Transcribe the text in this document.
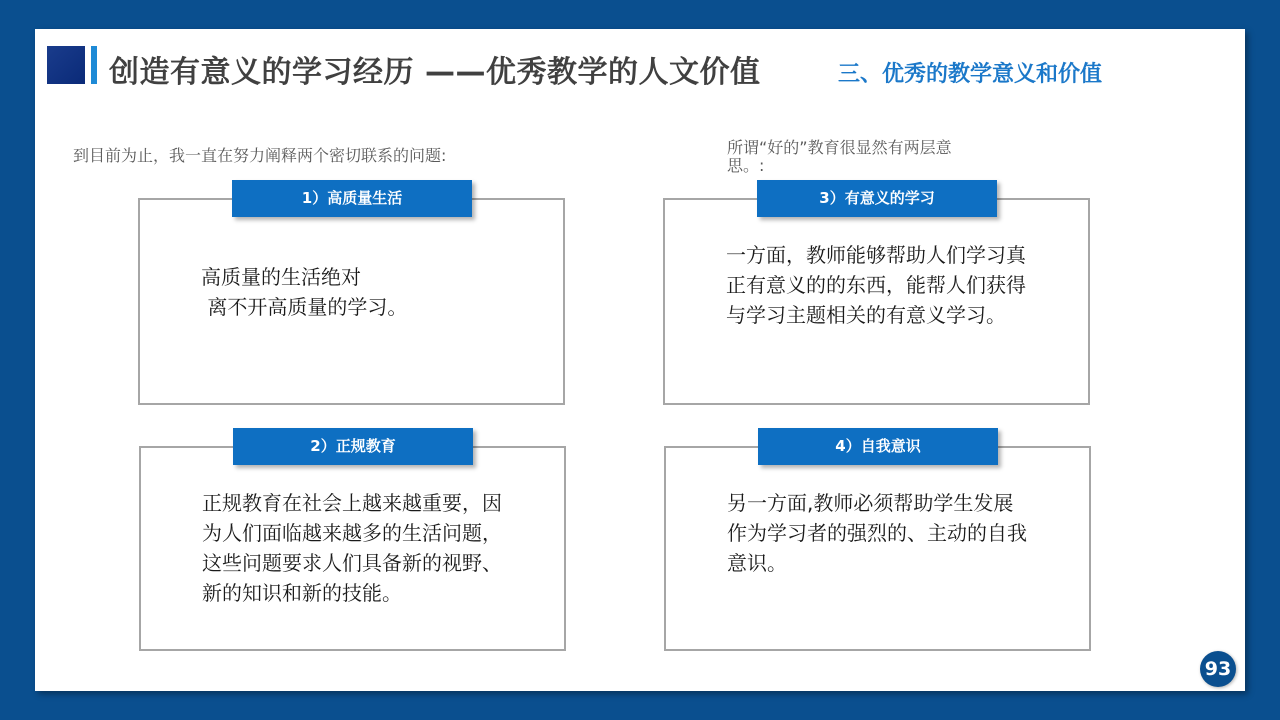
创造有意义的学习经历 ——优秀教学的人文价值	三、优秀的教学意义和价值
到目前为止，我一直在努力阐释两个密切联系的问题:	所谓“好的”教育很显然有两层意
思。:
高质量的生活绝对
离不开高质量的学习。
1）高质量生活
一方面，教师能够帮助人们学习真
正有意义的的东西，能帮人们获得
与学习主题相关的有意义学习。
3）有意义的学习
正规教育在社会上越来越重要，因
为人们面临越来越多的生活问题，
这些问题要求人们具备新的视野、
新的知识和新的技能。
2）正规教育
另一方面,教师必须帮助学生发展
作为学习者的强烈的、主动的自我
意识。
4）自我意识
93
